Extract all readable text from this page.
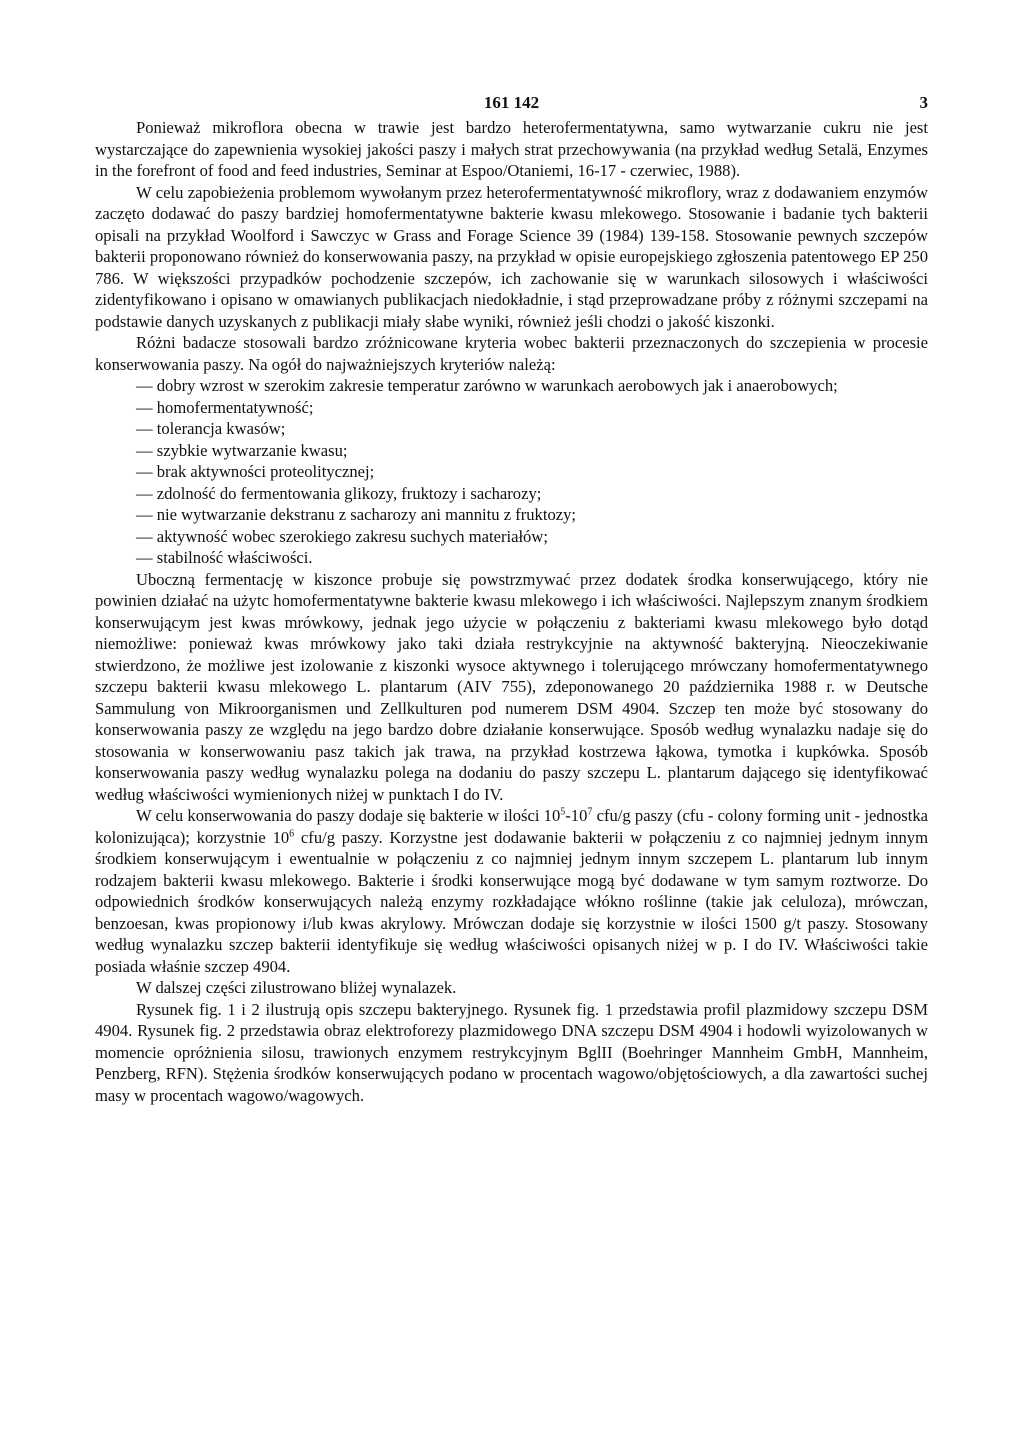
161 142	3

Ponieważ mikroflora obecna w trawie jest bardzo heterofermentatywna, samo wytwarzanie cukru nie jest wystarczające do zapewnienia wysokiej jakości paszy i małych strat przechowywania (na przykład według Setalä, Enzymes in the forefront of food and feed industries, Seminar at Espoo/Otaniemi, 16-17 - czerwiec, 1988).

W celu zapobieżenia problemom wywołanym przez heterofermentatywność mikroflory, wraz z dodawaniem enzymów zaczęto dodawać do paszy bardziej homofermentatywne bakterie kwasu mlekowego. Stosowanie i badanie tych bakterii opisali na przykład Woolford i Sawczyc w Grass and Forage Science 39 (1984) 139-158. Stosowanie pewnych szczepów bakterii proponowano również do konserwowania paszy, na przykład w opisie europejskiego zgłoszenia patentowego EP 250 786. W większości przypadków pochodzenie szczepów, ich zachowanie się w warunkach silosowych i właściwości zidentyfikowano i opisano w omawianych publikacjach niedokładnie, i stąd przeprowadzane próby z różnymi szczepami na podstawie danych uzyskanych z publikacji miały słabe wyniki, również jeśli chodzi o jakość kiszonki.

Różni badacze stosowali bardzo zróżnicowane kryteria wobec bakterii przeznaczonych do szczepienia w procesie konserwowania paszy. Na ogół do najważniejszych kryteriów należą:

— dobry wzrost w szerokim zakresie temperatur zarówno w warunkach aerobowych jak i anaerobowych;
— homofermentatywność;
— tolerancja kwasów;
— szybkie wytwarzanie kwasu;
— brak aktywności proteolitycznej;
— zdolność do fermentowania glikozy, fruktozy i sacharozy;
— nie wytwarzanie dekstranu z sacharozy ani mannitu z fruktozy;
— aktywność wobec szerokiego zakresu suchych materiałów;
— stabilność właściwości.

Uboczną fermentację w kiszonce probuje się powstrzmywać przez dodatek środka konserwującego, który nie powinien działać na użytc homofermentatywne bakterie kwasu mlekowego i ich właściwości. Najlepszym znanym środkiem konserwującym jest kwas mrówkowy, jednak jego użycie w połączeniu z bakteriami kwasu mlekowego było dotąd niemożliwe: ponieważ kwas mrówkowy jako taki działa restrykcyjnie na aktywność bakteryjną. Nieoczekiwanie stwierdzono, że możliwe jest izolowanie z kiszonki wysoce aktywnego i tolerującego mrówczany homofermentatywnego szczepu bakterii kwasu mlekowego L. plantarum (AIV 755), zdeponowanego 20 października 1988 r. w Deutsche Sammulung von Mikroorganismen und Zellkulturen pod numerem DSM 4904. Szczep ten może być stosowany do konserwowania paszy ze względu na jego bardzo dobre działanie konserwujące. Sposób według wynalazku nadaje się do stosowania w konserwowaniu pasz takich jak trawa, na przykład kostrzewa łąkowa, tymotka i kupkówka. Sposób konserwowania paszy według wynalazku polega na dodaniu do paszy szczepu L. plantarum dającego się identyfikować według właściwości wymienionych niżej w punktach I do IV.

W celu konserwowania do paszy dodaje się bakterie w ilości $10^5-10^7$ cfu/g paszy (cfu - colony forming unit - jednostka kolonizująca); korzystnie $10^6$ cfu/g paszy. Korzystne jest dodawanie bakterii w połączeniu z co najmniej jednym innym środkiem konserwującym i ewentualnie w połączeniu z co najmniej jednym innym szczepem L. plantarum lub innym rodzajem bakterii kwasu mlekowego. Bakterie i środki konserwujące mogą być dodawane w tym samym roztworze. Do odpowiednich środków konserwujących należą enzymy rozkładające włókno roślinne (takie jak celuloza), mrówczan, benzoesan, kwas propionowy i/lub kwas akrylowy. Mrówczan dodaje się korzystnie w ilości 1500 g/t paszy. Stosowany według wynalazku szczep bakterii identyfikuje się według właściwości opisanych niżej w p. I do IV. Właściwości takie posiada właśnie szczep 4904.

W dalszej części zilustrowano bliżej wynalazek.

Rysunek fig. 1 i 2 ilustrują opis szczepu bakteryjnego. Rysunek fig. 1 przedstawia profil plazmidowy szczepu DSM 4904. Rysunek fig. 2 przedstawia obraz elektroforezy plazmidowego DNA szczepu DSM 4904 i hodowli wyizolowanych w momencie opróżnienia silosu, trawionych enzymem restrykcyjnym BglII (Boehringer Mannheim GmbH, Mannheim, Penzberg, RFN). Stężenia środków konserwujących podano w procentach wagowo/objętościowych, a dla zawartości suchej masy w procentach wagowo/wagowych.
